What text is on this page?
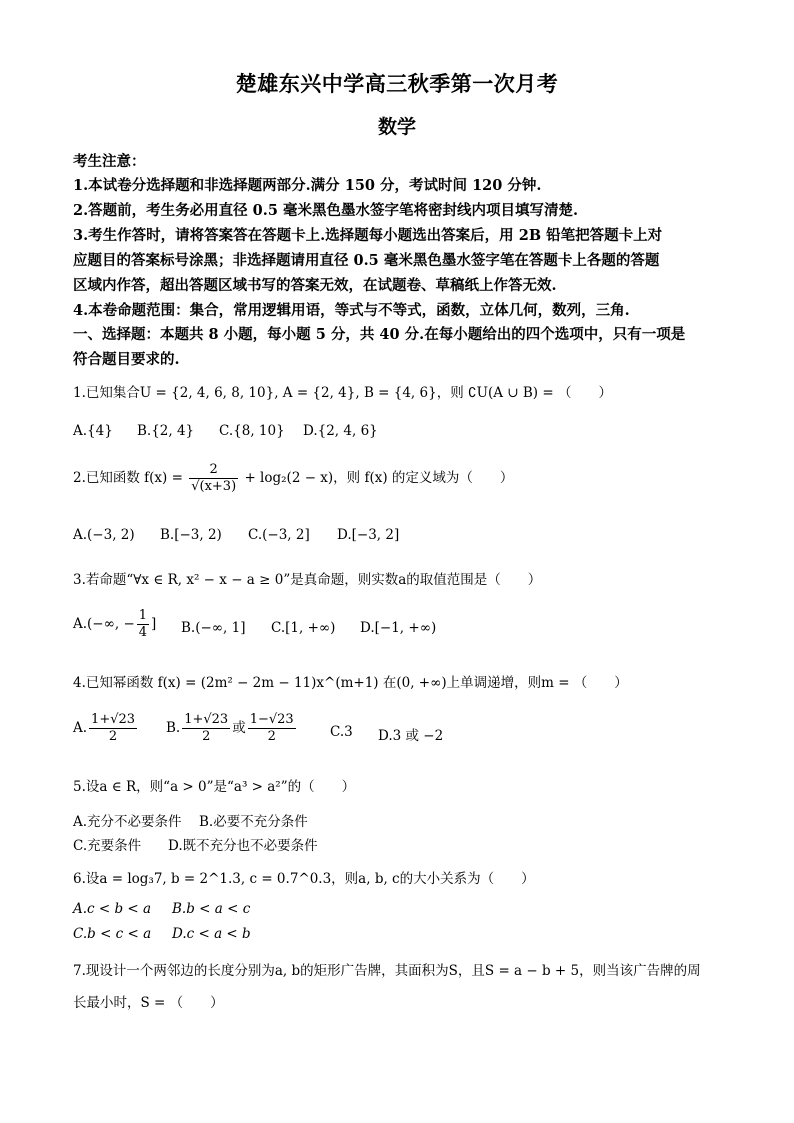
楚雄东兴中学高三秋季第一次月考
数学
考生注意：
1.本试卷分选择题和非选择题两部分.满分 150 分，考试时间 120 分钟.
2.答题前，考生务必用直径 0.5 毫米黑色墨水签字笔将密封线内项目填写清楚.
3.考生作答时，请将答案答在答题卡上.选择题每小题选出答案后，用 2B 铅笔把答题卡上对
应题目的答案标号涂黑；非选择题请用直径 0.5 毫米黑色墨水签字笔在答题卡上各题的答题
区域内作答，超出答题区域书写的答案无效，在试题卷、草稿纸上作答无效.
4.本卷命题范围：集合，常用逻辑用语，等式与不等式，函数，立体几何，数列，三角.
一、选择题：本题共 8 小题，每小题 5 分，共 40 分.在每小题给出的四个选项中，只有一项是
符合题目要求的.
1.已知集合U = {2, 4, 6, 8, 10}, A = {2, 4}, B = {4, 6}，则 ∁U(A ∪ B) = （　　）
A.{4} B.{2, 4} C.{8, 10} D.{2, 4, 6}
2.已知函数 $f(x) = \frac{2}{√(x+3)} + \log_2(2 - x)$，则 f(x) 的定义域为（　　）
A.(−3, 2) B.[−3, 2) C.(−3, 2] D.[−3, 2]
3.若命题“∀x ∈ R, x² − x − a ≥ 0”是真命题，则实数a的取值范围是（　　）
A.(−∞, − $\frac{1}{4}$ ] B.(−∞, 1] C.[1, +∞) D.[−1, +∞)
4.已知幂函数 f(x) = (2m² − 2m − 11)x^(m+1) 在(0, +∞)上单调递增，则m = （　　）
A. $\frac{1+√23}{2} B$. $\frac{1+√23}{2}$ 或 $\frac{1-√23}{2}$	C.3 D.3 或 −2
5.设a ∈ R，则“a > 0”是“a³ > a²”的（　　）
A.充分不必要条件 B.必要不充分条件
C.充要条件 D.既不充分也不必要条件
6.设a = log₃7, b = 2^1.3, c = 0.7^0.3，则a, b, c的大小关系为（　　）
A.c < b < a B.b < a < c
C.b < c < a D.c < a < b
7.现设计一个两邻边的长度分别为a, b的矩形广告牌，其面积为S，且S = a − b + 5，则当该广告牌的周
长最小时，S = （　　）
